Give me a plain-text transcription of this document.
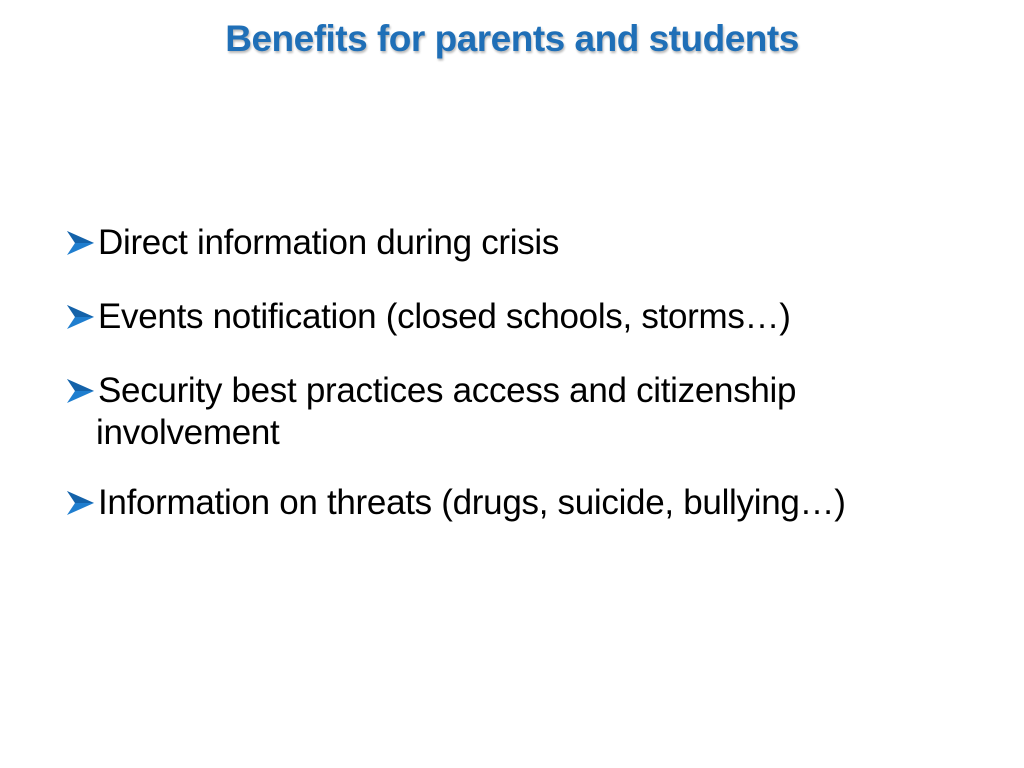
Benefits for parents and students
Direct information during crisis
Events notification (closed schools, storms…)
Security best practices access and citizenship
involvement
Information on threats (drugs, suicide, bullying…)
